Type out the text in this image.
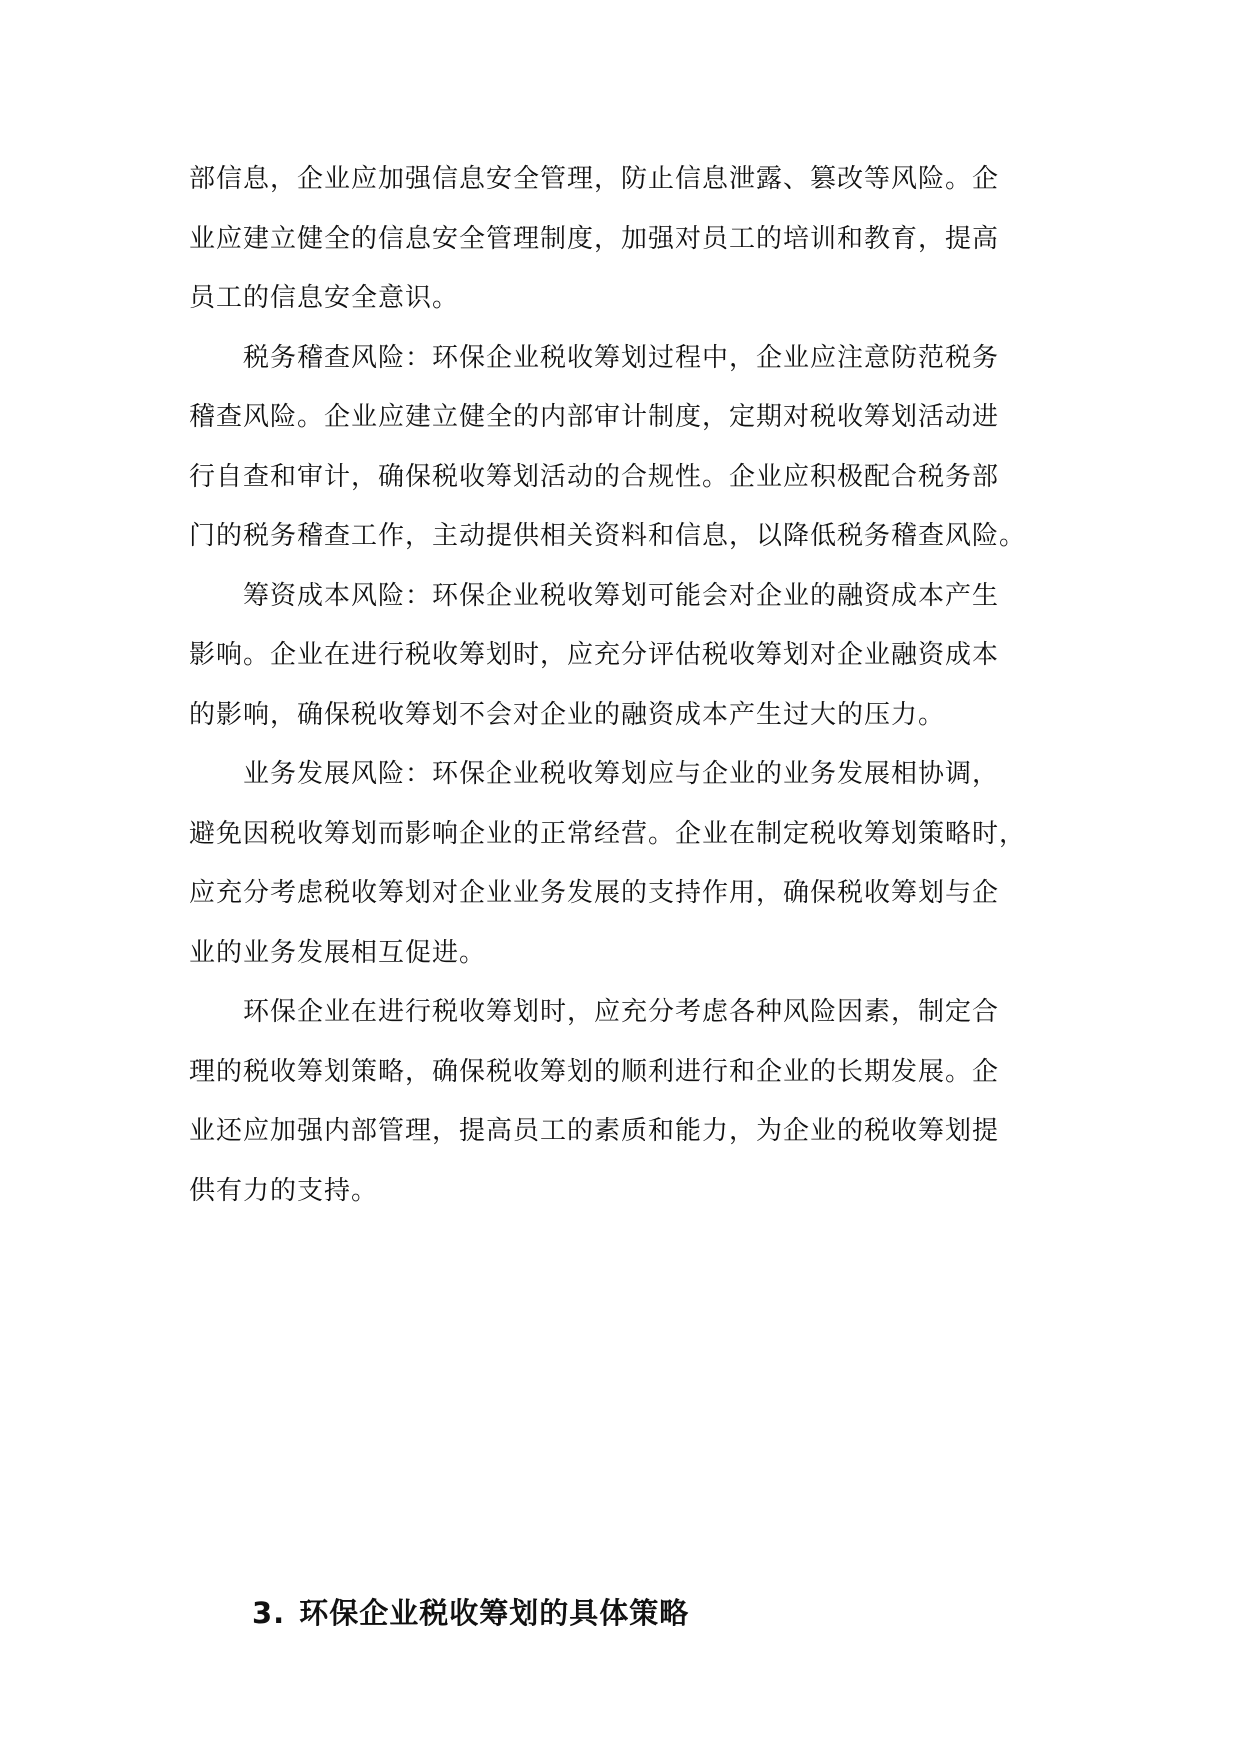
部信息，企业应加强信息安全管理，防止信息泄露、篡改等风险。企
业应建立健全的信息安全管理制度，加强对员工的培训和教育，提高
员工的信息安全意识。

　　税务稽查风险：环保企业税收筹划过程中，企业应注意防范税务
稽查风险。企业应建立健全的内部审计制度，定期对税收筹划活动进
行自查和审计，确保税收筹划活动的合规性。企业应积极配合税务部
门的税务稽查工作，主动提供相关资料和信息，以降低税务稽查风险。

　　筹资成本风险：环保企业税收筹划可能会对企业的融资成本产生
影响。企业在进行税收筹划时，应充分评估税收筹划对企业融资成本
的影响，确保税收筹划不会对企业的融资成本产生过大的压力。

　　业务发展风险：环保企业税收筹划应与企业的业务发展相协调，
避免因税收筹划而影响企业的正常经营。企业在制定税收筹划策略时，
应充分考虑税收筹划对企业业务发展的支持作用，确保税收筹划与企
业的业务发展相互促进。

　　环保企业在进行税收筹划时，应充分考虑各种风险因素，制定合
理的税收筹划策略，确保税收筹划的顺利进行和企业的长期发展。企
业还应加强内部管理，提高员工的素质和能力，为企业的税收筹划提
供有力的支持。

3. 环保企业税收筹划的具体策略
